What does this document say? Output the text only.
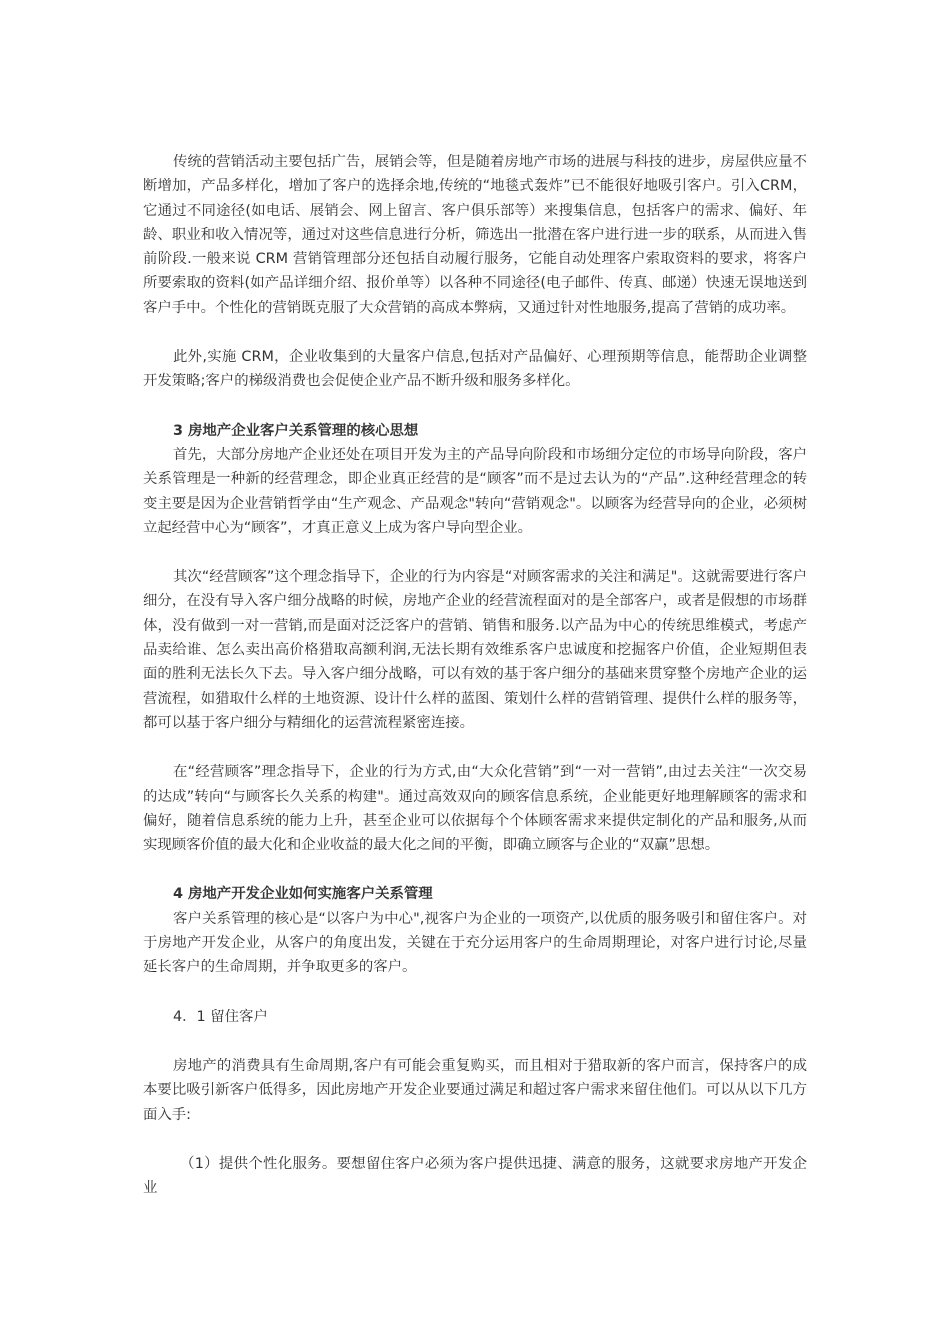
传统的营销活动主要包括广告，展销会等，但是随着房地产市场的进展与科技的进步，房屋供应量不断增加，产品多样化，增加了客户的选择余地,传统的“地毯式轰炸”已不能很好地吸引客户。引入CRM，它通过不同途径(如电话、展销会、网上留言、客户俱乐部等）来搜集信息，包括客户的需求、偏好、年龄、职业和收入情况等，通过对这些信息进行分析，筛选出一批潜在客户进行进一步的联系，从而进入售前阶段.一般来说 CRM 营销管理部分还包括自动履行服务，它能自动处理客户索取资料的要求，将客户所要索取的资料(如产品详细介绍、报价单等）以各种不同途径(电子邮件、传真、邮递）快速无误地送到客户手中。个性化的营销既克服了大众营销的高成本弊病，又通过针对性地服务,提高了营销的成功率。

此外,实施 CRM，企业收集到的大量客户信息,包括对产品偏好、心理预期等信息，能帮助企业调整开发策略;客户的梯级消费也会促使企业产品不断升级和服务多样化。

3 房地产企业客户关系管理的核心思想

首先，大部分房地产企业还处在项目开发为主的产品导向阶段和市场细分定位的市场导向阶段，客户关系管理是一种新的经营理念，即企业真正经营的是“顾客”而不是过去认为的“产品”.这种经营理念的转变主要是因为企业营销哲学由“生产观念、产品观念"转向“营销观念"。以顾客为经营导向的企业，必须树立起经营中心为“顾客”，才真正意义上成为客户导向型企业。

其次“经营顾客”这个理念指导下，企业的行为内容是“对顾客需求的关注和满足"。这就需要进行客户细分，在没有导入客户细分战略的时候，房地产企业的经营流程面对的是全部客户，或者是假想的市场群体，没有做到一对一营销,而是面对泛泛客户的营销、销售和服务.以产品为中心的传统思维模式，考虑产品卖给谁、怎么卖出高价格猎取高额利润,无法长期有效维系客户忠诚度和挖掘客户价值，企业短期但表面的胜利无法长久下去。导入客户细分战略，可以有效的基于客户细分的基础来贯穿整个房地产企业的运营流程，如猎取什么样的土地资源、设计什么样的蓝图、策划什么样的营销管理、提供什么样的服务等，都可以基于客户细分与精细化的运营流程紧密连接。

在“经营顾客”理念指导下，企业的行为方式,由“大众化营销”到“一对一营销”,由过去关注“一次交易的达成”转向“与顾客长久关系的构建"。通过高效双向的顾客信息系统，企业能更好地理解顾客的需求和偏好，随着信息系统的能力上升，甚至企业可以依据每个个体顾客需求来提供定制化的产品和服务,从而实现顾客价值的最大化和企业收益的最大化之间的平衡，即确立顾客与企业的“双赢”思想。

4 房地产开发企业如何实施客户关系管理

客户关系管理的核心是“以客户为中心",视客户为企业的一项资产,以优质的服务吸引和留住客户。对于房地产开发企业，从客户的角度出发，关键在于充分运用客户的生命周期理论，对客户进行讨论,尽量延长客户的生命周期，并争取更多的客户。

4．1 留住客户

房地产的消费具有生命周期,客户有可能会重复购买，而且相对于猎取新的客户而言，保持客户的成本要比吸引新客户低得多，因此房地产开发企业要通过满足和超过客户需求来留住他们。可以从以下几方面入手:

（1）提供个性化服务。要想留住客户必须为客户提供迅捷、满意的服务，这就要求房地产开发企业
